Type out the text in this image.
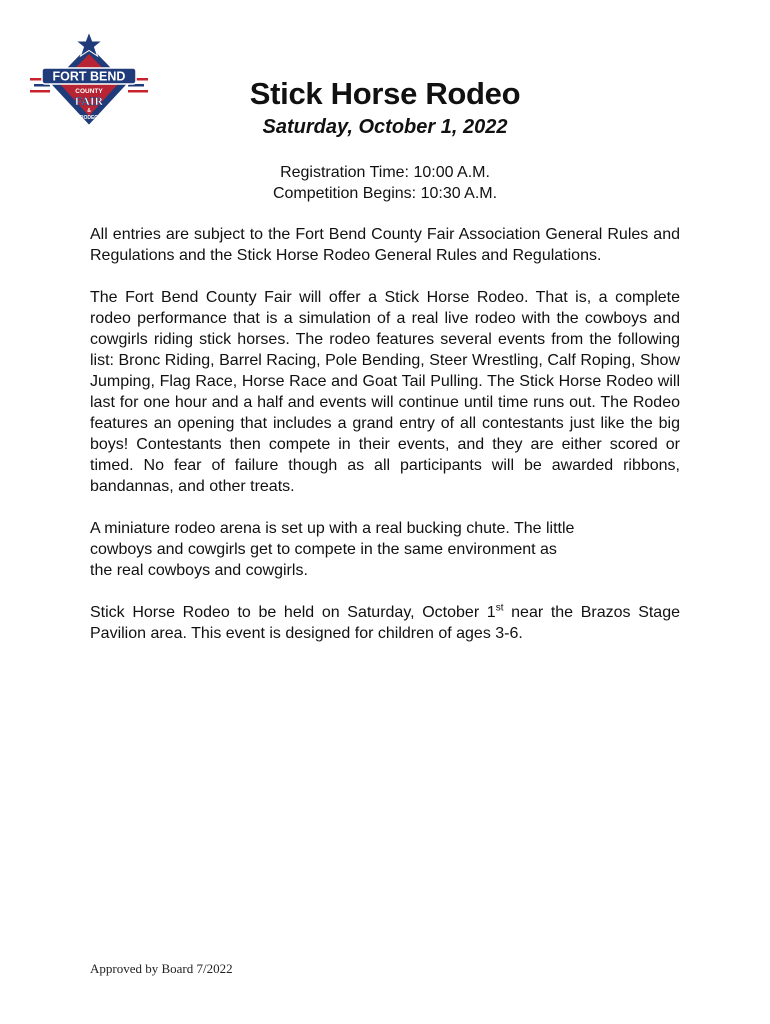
FORT BEND
COUNTY
FAIR
&
RODEO
Stick Horse Rodeo
Saturday, October 1, 2022
Registration Time: 10:00 A.M.
Competition Begins: 10:30 A.M.

All entries are subject to the Fort Bend County Fair Association General Rules and Regulations and the Stick Horse Rodeo General Rules and Regulations.

The Fort Bend County Fair will offer a Stick Horse Rodeo. That is, a complete rodeo performance that is a simulation of a real live rodeo with the cowboys and cowgirls riding stick horses. The rodeo features several events from the following list: Bronc Riding, Barrel Racing, Pole Bending, Steer Wrestling, Calf Roping, Show Jumping, Flag Race, Horse Race and Goat Tail Pulling. The Stick Horse Rodeo will last for one hour and a half and events will continue until time runs out. The Rodeo features an opening that includes a grand entry of all contestants just like the big boys! Contestants then compete in their events, and they are either scored or timed. No fear of failure though as all participants will be awarded ribbons, bandannas, and other treats.

A miniature rodeo arena is set up with a real bucking chute. The little
cowboys and cowgirls get to compete in the same environment as
the real cowboys and cowgirls.

Stick Horse Rodeo to be held on Saturday, October 1st near the Brazos Stage Pavilion area. This event is designed for children of ages 3-6.

Approved by Board 7/2022
